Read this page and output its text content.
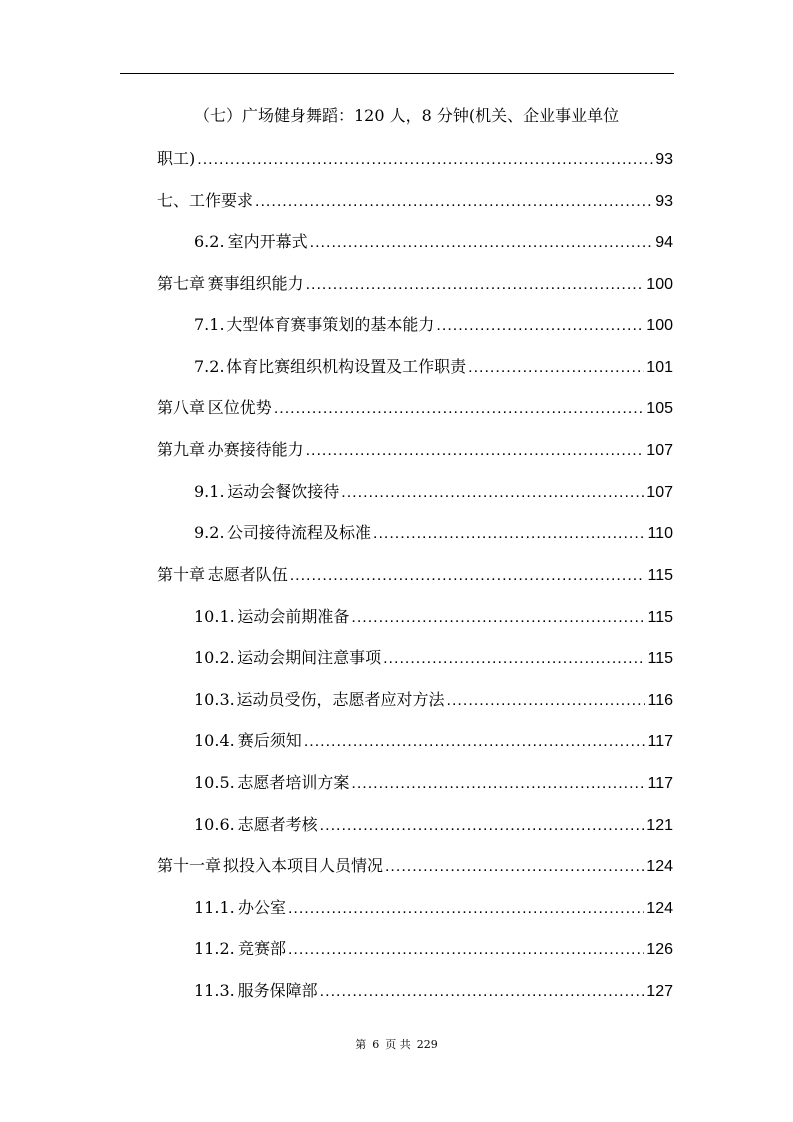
（七）广场健身舞蹈：120 人，8 分钟(机关、企业事业单位
职工) .....	93
七、 工作要求 .....	93
6.2. 室内开幕式 .....	94
第七章 赛事组织能力 .....	100
7.1. 大型体育赛事策划的基本能力 .....	100
7.2. 体育比赛组织机构设置及工作职责 .....	101
第八章 区位优势 .....	105
第九章 办赛接待能力 .....	107
9.1. 运动会餐饮接待 .....	107
9.2. 公司接待流程及标准 .....	110
第十章 志愿者队伍 .....	115
10.1. 运动会前期准备 .....	115
10.2. 运动会期间注意事项 .....	115
10.3. 运动员受伤，志愿者应对方法 .....	116
10.4. 赛后须知 .....	117
10.5. 志愿者培训方案 .....	117
10.6. 志愿者考核 .....	121
第十一章 拟投入本项目人员情况 .....	124
11.1. 办公室 .....	124
11.2. 竞赛部 .....	126
11.3. 服务保障部 .....	127
第 6 页 共 229
